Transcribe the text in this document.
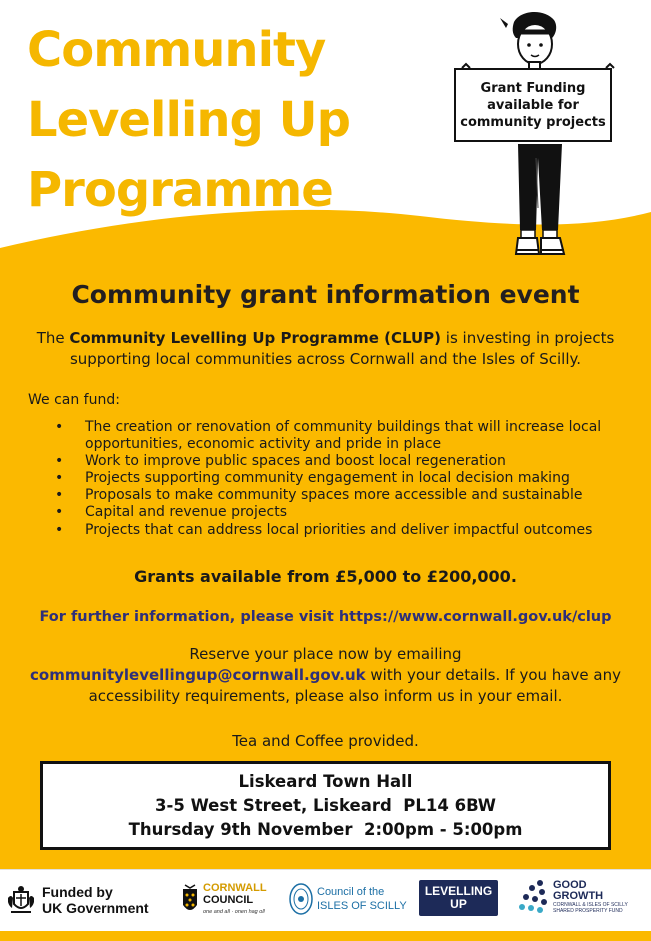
Community
Levelling Up
Programme
Grant Funding available for community projects
Community grant information event
The Community Levelling Up Programme (CLUP) is investing in projects supporting local communities across Cornwall and the Isles of Scilly.
We can fund:
• The creation or renovation of community buildings that will increase local opportunities, economic activity and pride in place
• Work to improve public spaces and boost local regeneration
• Projects supporting community engagement in local decision making
• Proposals to make community spaces more accessible and sustainable
• Capital and revenue projects
• Projects that can address local priorities and deliver impactful outcomes
Grants available from £5,000 to £200,000.
For further information, please visit https://www.cornwall.gov.uk/clup
Reserve your place now by emailing
communitylevellingup@cornwall.gov.uk with your details. If you have any accessibility requirements, please also inform us in your email.
Tea and Coffee provided.
Liskeard Town Hall
3-5 West Street, Liskeard  PL14 6BW
Thursday 9th November  2:00pm - 5:00pm
Funded by
UK Government
CORNWALL
COUNCIL
one and all · onen hag oll
Council of the
ISLES OF SCILLY
LEVELLING
UP
GOOD
GROWTH
CORNWALL & ISLES OF SCILLY
SHARED PROSPERITY FUND
